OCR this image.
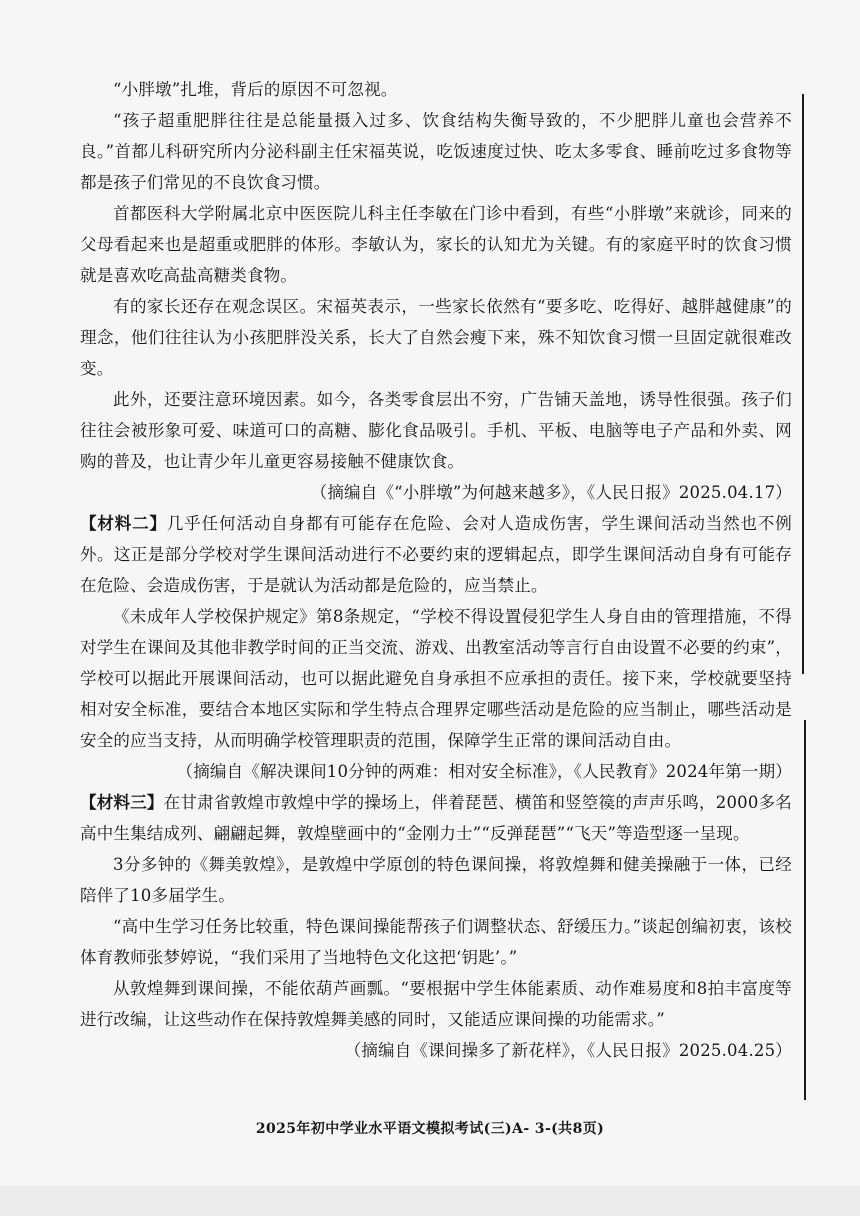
“小胖墩”扎堆，背后的原因不可忽视。

“孩子超重肥胖往往是总能量摄入过多、饮食结构失衡导致的，不少肥胖儿童也会营养不良。”首都儿科研究所内分泌科副主任宋福英说，吃饭速度过快、吃太多零食、睡前吃过多食物等都是孩子们常见的不良饮食习惯。

首都医科大学附属北京中医医院儿科主任李敏在门诊中看到，有些“小胖墩”来就诊，同来的父母看起来也是超重或肥胖的体形。李敏认为，家长的认知尤为关键。有的家庭平时的饮食习惯就是喜欢吃高盐高糖类食物。

有的家长还存在观念误区。宋福英表示，一些家长依然有“要多吃、吃得好、越胖越健康”的理念，他们往往认为小孩肥胖没关系，长大了自然会瘦下来，殊不知饮食习惯一旦固定就很难改变。

此外，还要注意环境因素。如今，各类零食层出不穷，广告铺天盖地，诱导性很强。孩子们往往会被形象可爱、味道可口的高糖、膨化食品吸引。手机、平板、电脑等电子产品和外卖、网购的普及，也让青少年儿童更容易接触不健康饮食。

（摘编自《“小胖墩”为何越来越多》，《人民日报》2025.04.17）

【材料二】几乎任何活动自身都有可能存在危险、会对人造成伤害，学生课间活动当然也不例外。这正是部分学校对学生课间活动进行不必要约束的逻辑起点，即学生课间活动自身有可能存在危险、会造成伤害，于是就认为活动都是危险的，应当禁止。

《未成年人学校保护规定》第8条规定，“学校不得设置侵犯学生人身自由的管理措施，不得对学生在课间及其他非教学时间的正当交流、游戏、出教室活动等言行自由设置不必要的约束”，学校可以据此开展课间活动，也可以据此避免自身承担不应承担的责任。接下来，学校就要坚持相对安全标准，要结合本地区实际和学生特点合理界定哪些活动是危险的应当制止，哪些活动是安全的应当支持，从而明确学校管理职责的范围，保障学生正常的课间活动自由。

（摘编自《解决课间10分钟的两难：相对安全标准》，《人民教育》2024年第一期）

【材料三】在甘肃省敦煌市敦煌中学的操场上，伴着琵琶、横笛和竖箜篌的声声乐鸣，2000多名高中生集结成列、翩翩起舞，敦煌壁画中的“金刚力士”“反弹琵琶”“飞天”等造型逐一呈现。

3分多钟的《舞美敦煌》，是敦煌中学原创的特色课间操，将敦煌舞和健美操融于一体，已经陪伴了10多届学生。

“高中生学习任务比较重，特色课间操能帮孩子们调整状态、舒缓压力。”谈起创编初衷，该校体育教师张梦婷说，“我们采用了当地特色文化这把‘钥匙’。”

从敦煌舞到课间操，不能依葫芦画瓢。“要根据中学生体能素质、动作难易度和8拍丰富度等进行改编，让这些动作在保持敦煌舞美感的同时，又能适应课间操的功能需求。”

（摘编自《课间操多了新花样》，《人民日报》2025.04.25）

2025年初中学业水平语文模拟考试(三)A- 3-(共8页)
